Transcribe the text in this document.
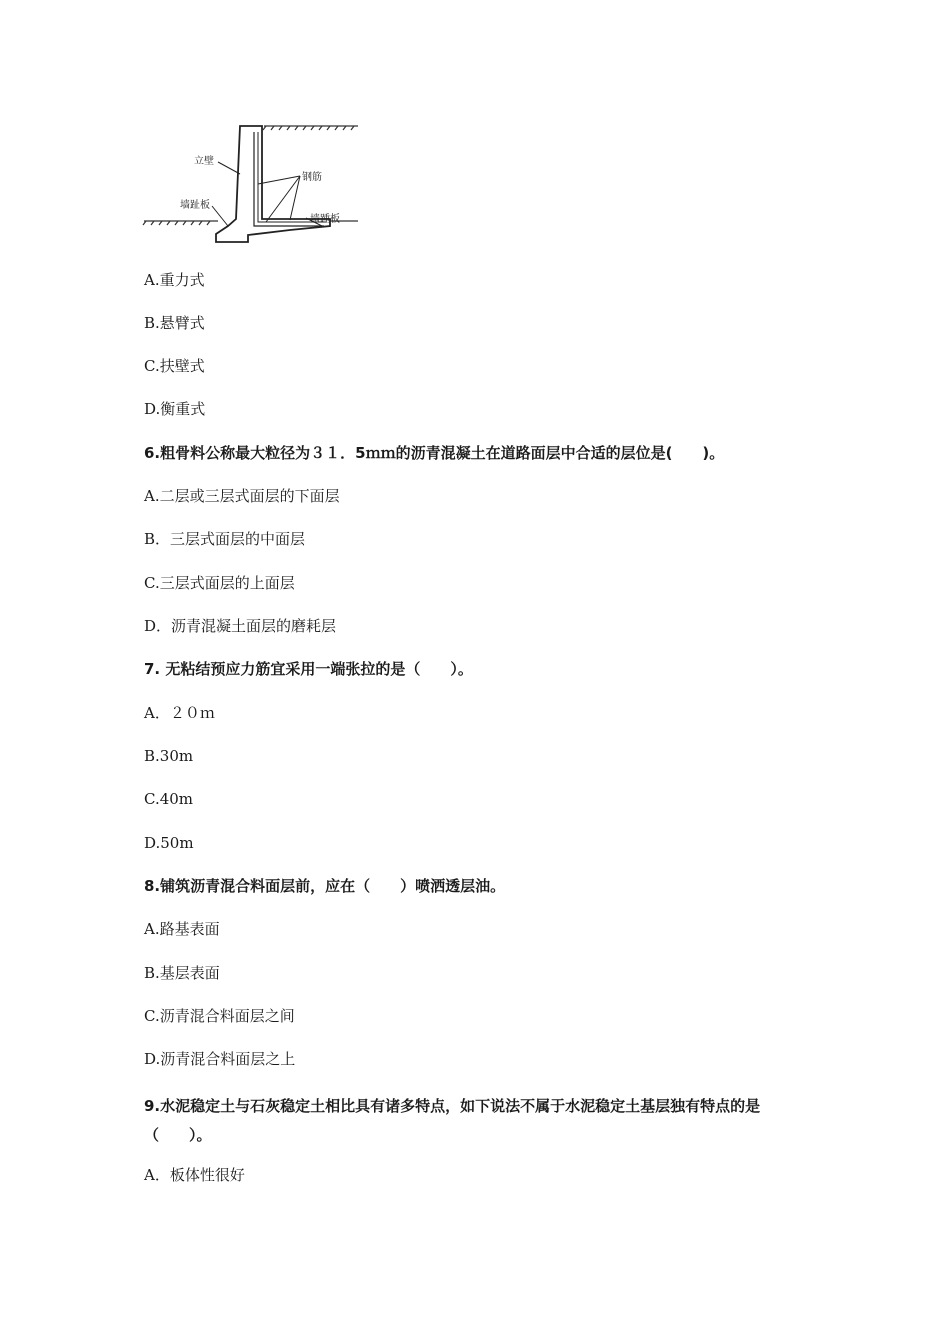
立壁
钢筋
墙趾板
墙踵板

A.重力式

B.悬臂式

C.扶壁式

D.衡重式

6.粗骨料公称最大粒径为３１．5ｍｍ的沥青混凝土在道路面层中合适的层位是(　　)。

A.二层或三层式面层的下面层

B．三层式面层的中面层

C.三层式面层的上面层

D．沥青混凝土面层的磨耗层

7. 无粘结预应力筋宜采用一端张拉的是（　　）。

A．２０ｍ

B.30m

C.40m

D.50m

8.铺筑沥青混合料面层前，应在（　　）喷洒透层油。

A.路基表面

B.基层表面

C.沥青混合料面层之间

D.沥青混合料面层之上

9.水泥稳定土与石灰稳定土相比具有诸多特点，如下说法不属于水泥稳定土基层独有特点的是（　　）。

A．板体性很好
